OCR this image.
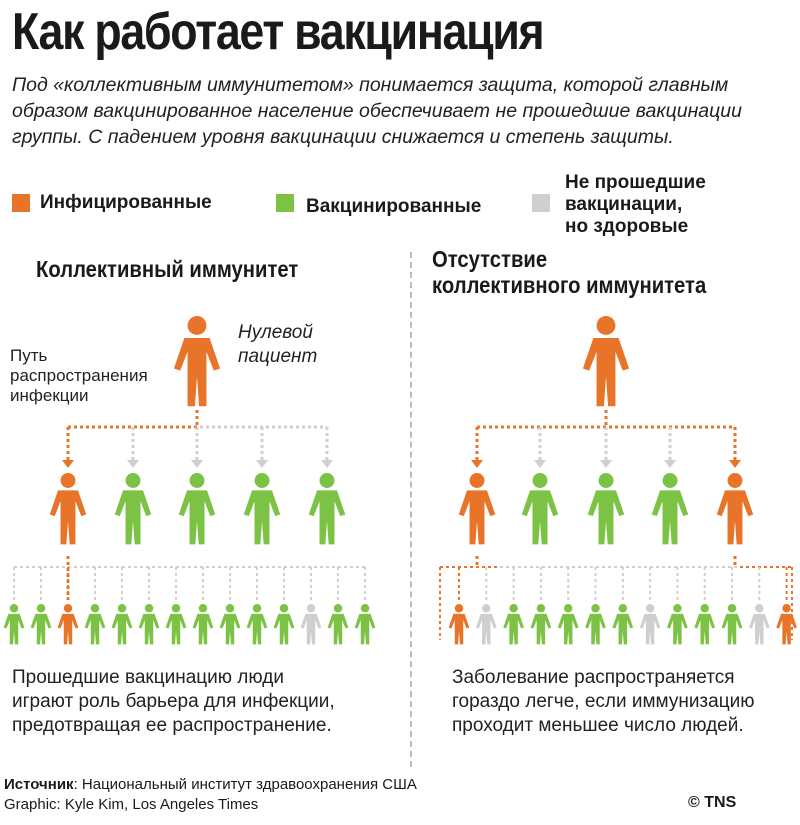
Как работает вакцинация
Под «коллективным иммунитетом» понимается защита, которой главным образом вакцинированное население обеспечивает не прошедшие вакцинации группы. С падением уровня вакцинации снижается и степень защиты.
Инфицированные	Вакцинированные
Не прошедшие
вакцинации,
но здоровые
Коллективный иммунитет	Отсутствие
коллективного иммунитета
Путь
распространения
инфекции
Нулевой
пациент
Прошедшие вакцинацию люди
играют роль барьера для инфекции,
предотвращая ее распространение.
Заболевание распространяется
гораздо легче, если иммунизацию
проходит меньшее число людей.
Источник: Национальный институт здравоохранения США
Graphic: Kyle Kim, Los Angeles Times	© TNS
